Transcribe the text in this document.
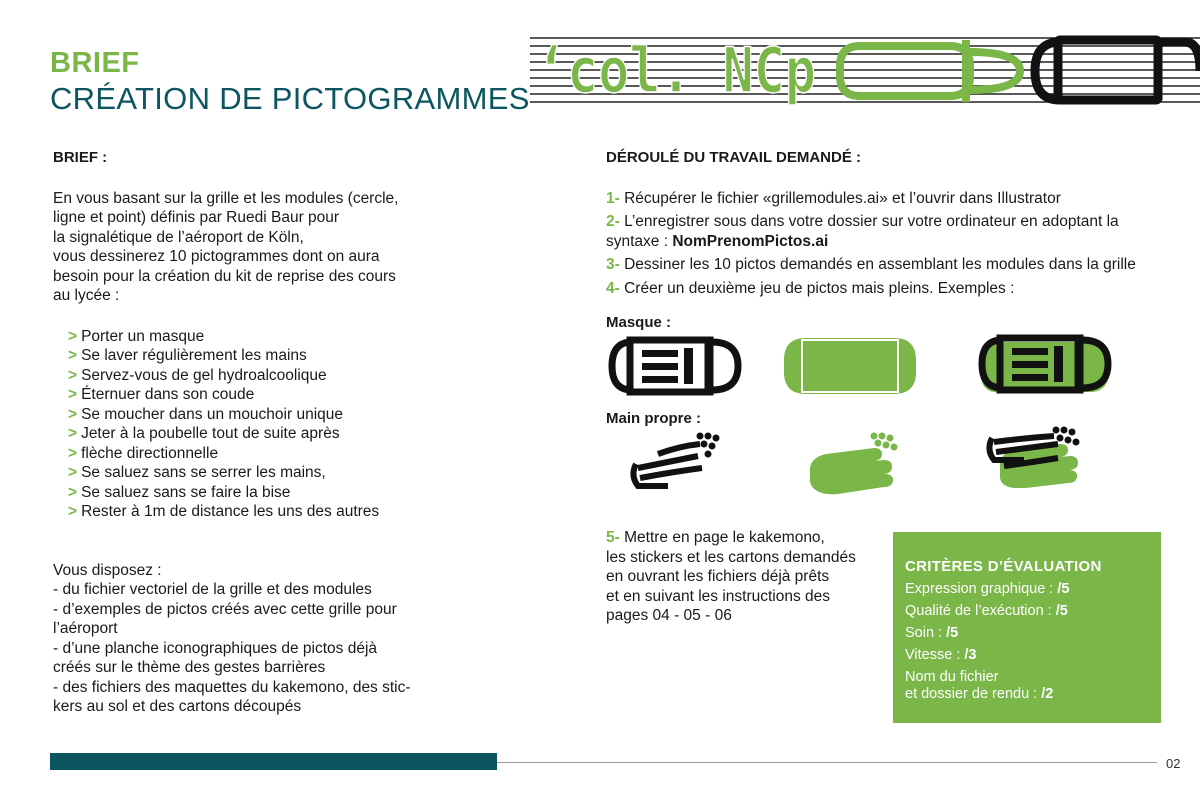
BRIEF
CRÉATION DE PICTOGRAMMES ‘col. NCp
BRIEF :

En vous basant sur la grille et les modules (cercle,

ligne et point) définis par Ruedi Baur pour

la signalétique de l’aéroport de Köln,

vous dessinerez 10 pictogrammes dont on aura

besoin pour la création du kit de reprise des cours

au lycée :

> Porter un masque
> Se laver régulièrement les mains
> Servez-vous de gel hydroalcoolique
> Éternuer dans son coude
> Se moucher dans un mouchoir unique
> Jeter à la poubelle tout de suite après
> flèche directionnelle
> Se saluez sans se serrer les mains,
> Se saluez sans se faire la bise
> Rester à 1m de distance les uns des autres

Vous disposez :

- du fichier vectoriel de la grille et des modules

- d’exemples de pictos créés avec cette grille pour

l’aéroport

- d’une planche iconographiques de pictos déjà

créés sur le thème des gestes barrières

- des fichiers des maquettes du kakemono, des stic-

kers au sol et des cartons découpés

DÉROULÉ DU TRAVAIL DEMANDÉ :
1- Récupérer le fichier «grillemodules.ai» et l’ouvrir dans Illustrator
2- L’enregistrer sous dans votre dossier sur votre ordinateur en adoptant la syntaxe : NomPrenomPictos.ai
3- Dessiner les 10 pictos demandés en assemblant les modules dans la grille
4- Créer un deuxième jeu de pictos mais pleins. Exemples :
Masque :
Main propre :
5- Mettre en page le kakemono,
les stickers et les cartons demandés
en ouvrant les fichiers déjà prêts
et en suivant les instructions des
pages 04 - 05 - 06
CRITÈRES D’ÉVALUATION
Expression graphique : /5
Qualité de l’exécution : /5
Soin : /5
Vitesse : /3
Nom du fichier
et dossier de rendu : /2
02
